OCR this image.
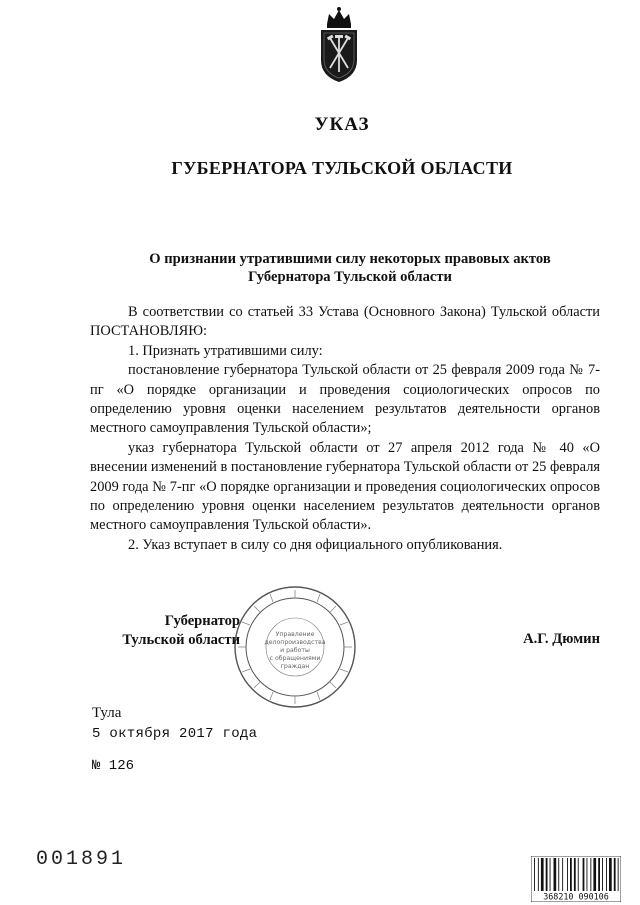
УКАЗ
ГУБЕРНАТОРА ТУЛЬСКОЙ ОБЛАСТИ
О признании утратившими силу некоторых правовых актов
Губернатора Тульской области

В соответствии со статьей 33 Устава (Основного Закона) Тульской области ПОСТАНОВЛЯЮ:

1. Признать утратившими силу:

постановление губернатора Тульской области от 25 февраля 2009 года № 7-пг «О порядке организации и проведения социологических опросов по определению уровня оценки населением результатов деятельности органов местного самоуправления Тульской области»;

указ губернатора Тульской области от 27 апреля 2012 года № 40 «О внесении изменений в постановление губернатора Тульской области от 25 февраля 2009 года № 7-пг «О порядке организации и проведения социологических опросов по определению уровня оценки населением результатов деятельности органов местного самоуправления Тульской области».

2. Указ вступает в силу со дня официального опубликования.

Управление
делопроизводства
и работы
с обращениями
граждан
Губернатор
Тульской области	А.Г. Дюмин
Тула
5 октября 2017 года
№ 126
001891
368210 090106
